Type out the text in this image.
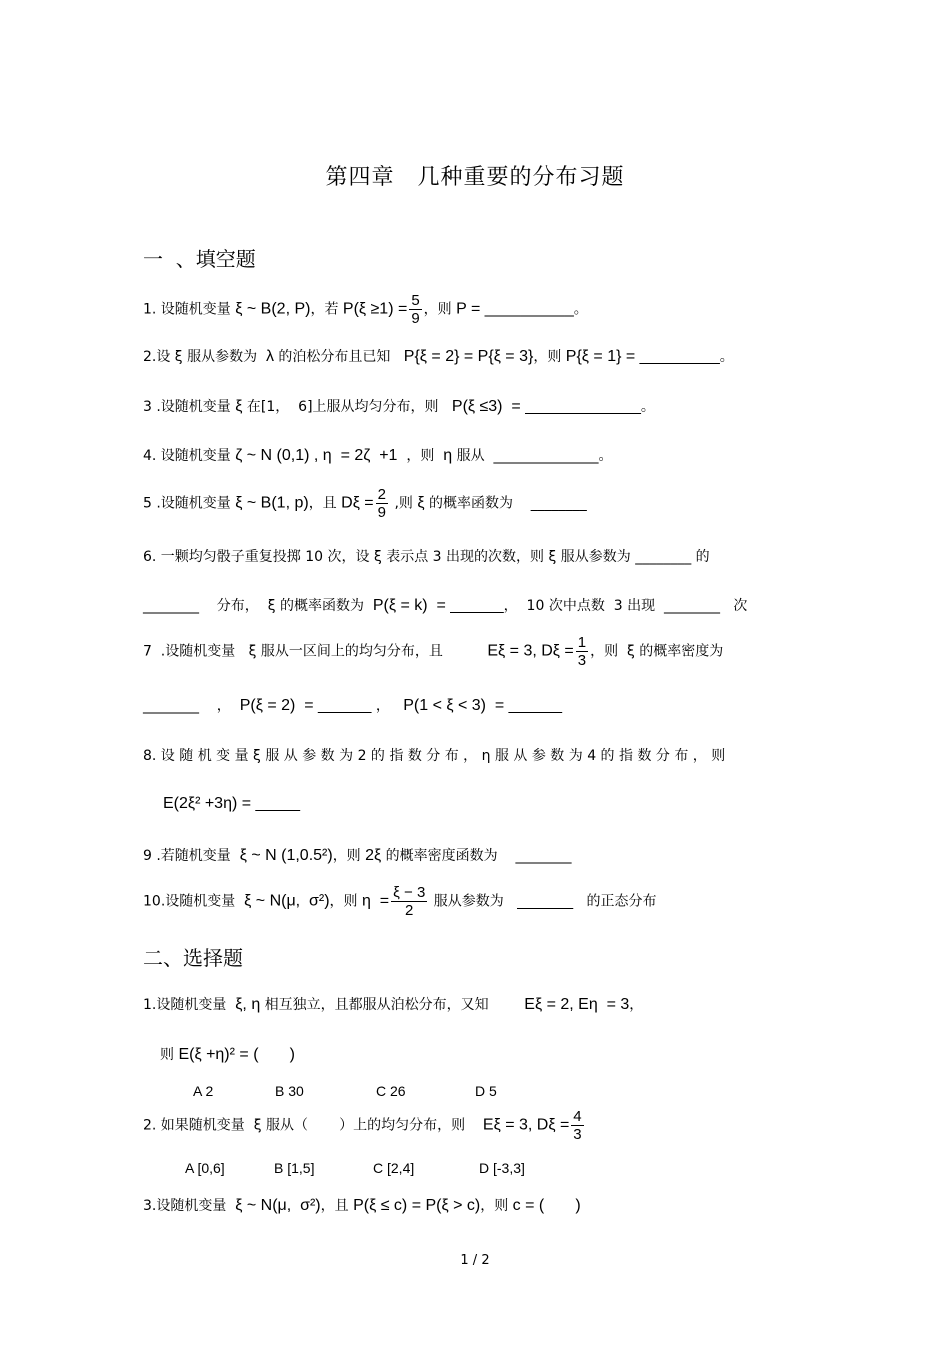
第四章　几种重要的分布习题
一  、填空题
1. 设随机变量 ξ ~ B(2, P)，若 $P(\xi \ge 1) = \frac{5}{9}$ ，则 P = __________。
2.设 ξ 服从参数为  λ 的泊松分布且已知   P{ξ = 2} = P{ξ = 3}，则 P{ξ = 1} = _________。
3 .设随机变量 ξ 在[1，  6]上服从均匀分布，则   P(ξ ≤3)  = _____________。
4. 设随机变量 ζ ~ N (0,1) , η  = 2ζ  +1  ，则  η 服从  _______________。
5 .设随机变量 ξ ~ B(1, p)，且 $D\xi = \frac{2}{9}$ ,则 ξ 的概率函数为    ________
6. 一颗均匀骰子重复投掷 10 次，设 ξ 表示点 3 出现的次数，则 ξ 服从参数为 ________ 的
________    分布，  ξ 的概率函数为  P(ξ = k)  = ______，  10 次中点数  3 出现  ________   次
7  .设随机变量   ξ 服从一区间上的均匀分布，且          Eξ = 3, $D\xi = \frac{1}{3}$ ，则  ξ 的概率密度为
________    ，  P(ξ = 2)  = ______ ，   P(1 < ξ < 3)  = ______
8. 设 随 机 变 量 ξ 服 从 参 数 为 2 的 指 数 分 布 ， η 服 从 参 数 为 4 的 指 数 分 布 ， 则
E(2ξ² +3η) = _____
9 .若随机变量  ξ ~ N (1,0.5²)，则 2ξ 的概率密度函数为    ________
10.设随机变量  ξ ~ N(μ,  σ²)，则 $\eta = \frac{\xi - 3}{2}$ 服从参数为   ________   的正态分布
二、选择题
1.设随机变量  ξ, η 相互独立，且都服从泊松分布，又知        Eξ = 2, Eη  = 3，
则 E(ξ +η)² = (       )
A 2	B 30	C 26	D 5
2. 如果随机变量  ξ 服从（       ）上的均匀分布，则    Eξ = 3, $D\xi = \frac{4}{3}$
A [0,6]	B [1,5]	C [2,4]	D [-3,3]
3.设随机变量  ξ ~ N(μ,  σ²)，且 P(ξ ≤ c) = P(ξ > c)，则 c = (       )
1 / 2
